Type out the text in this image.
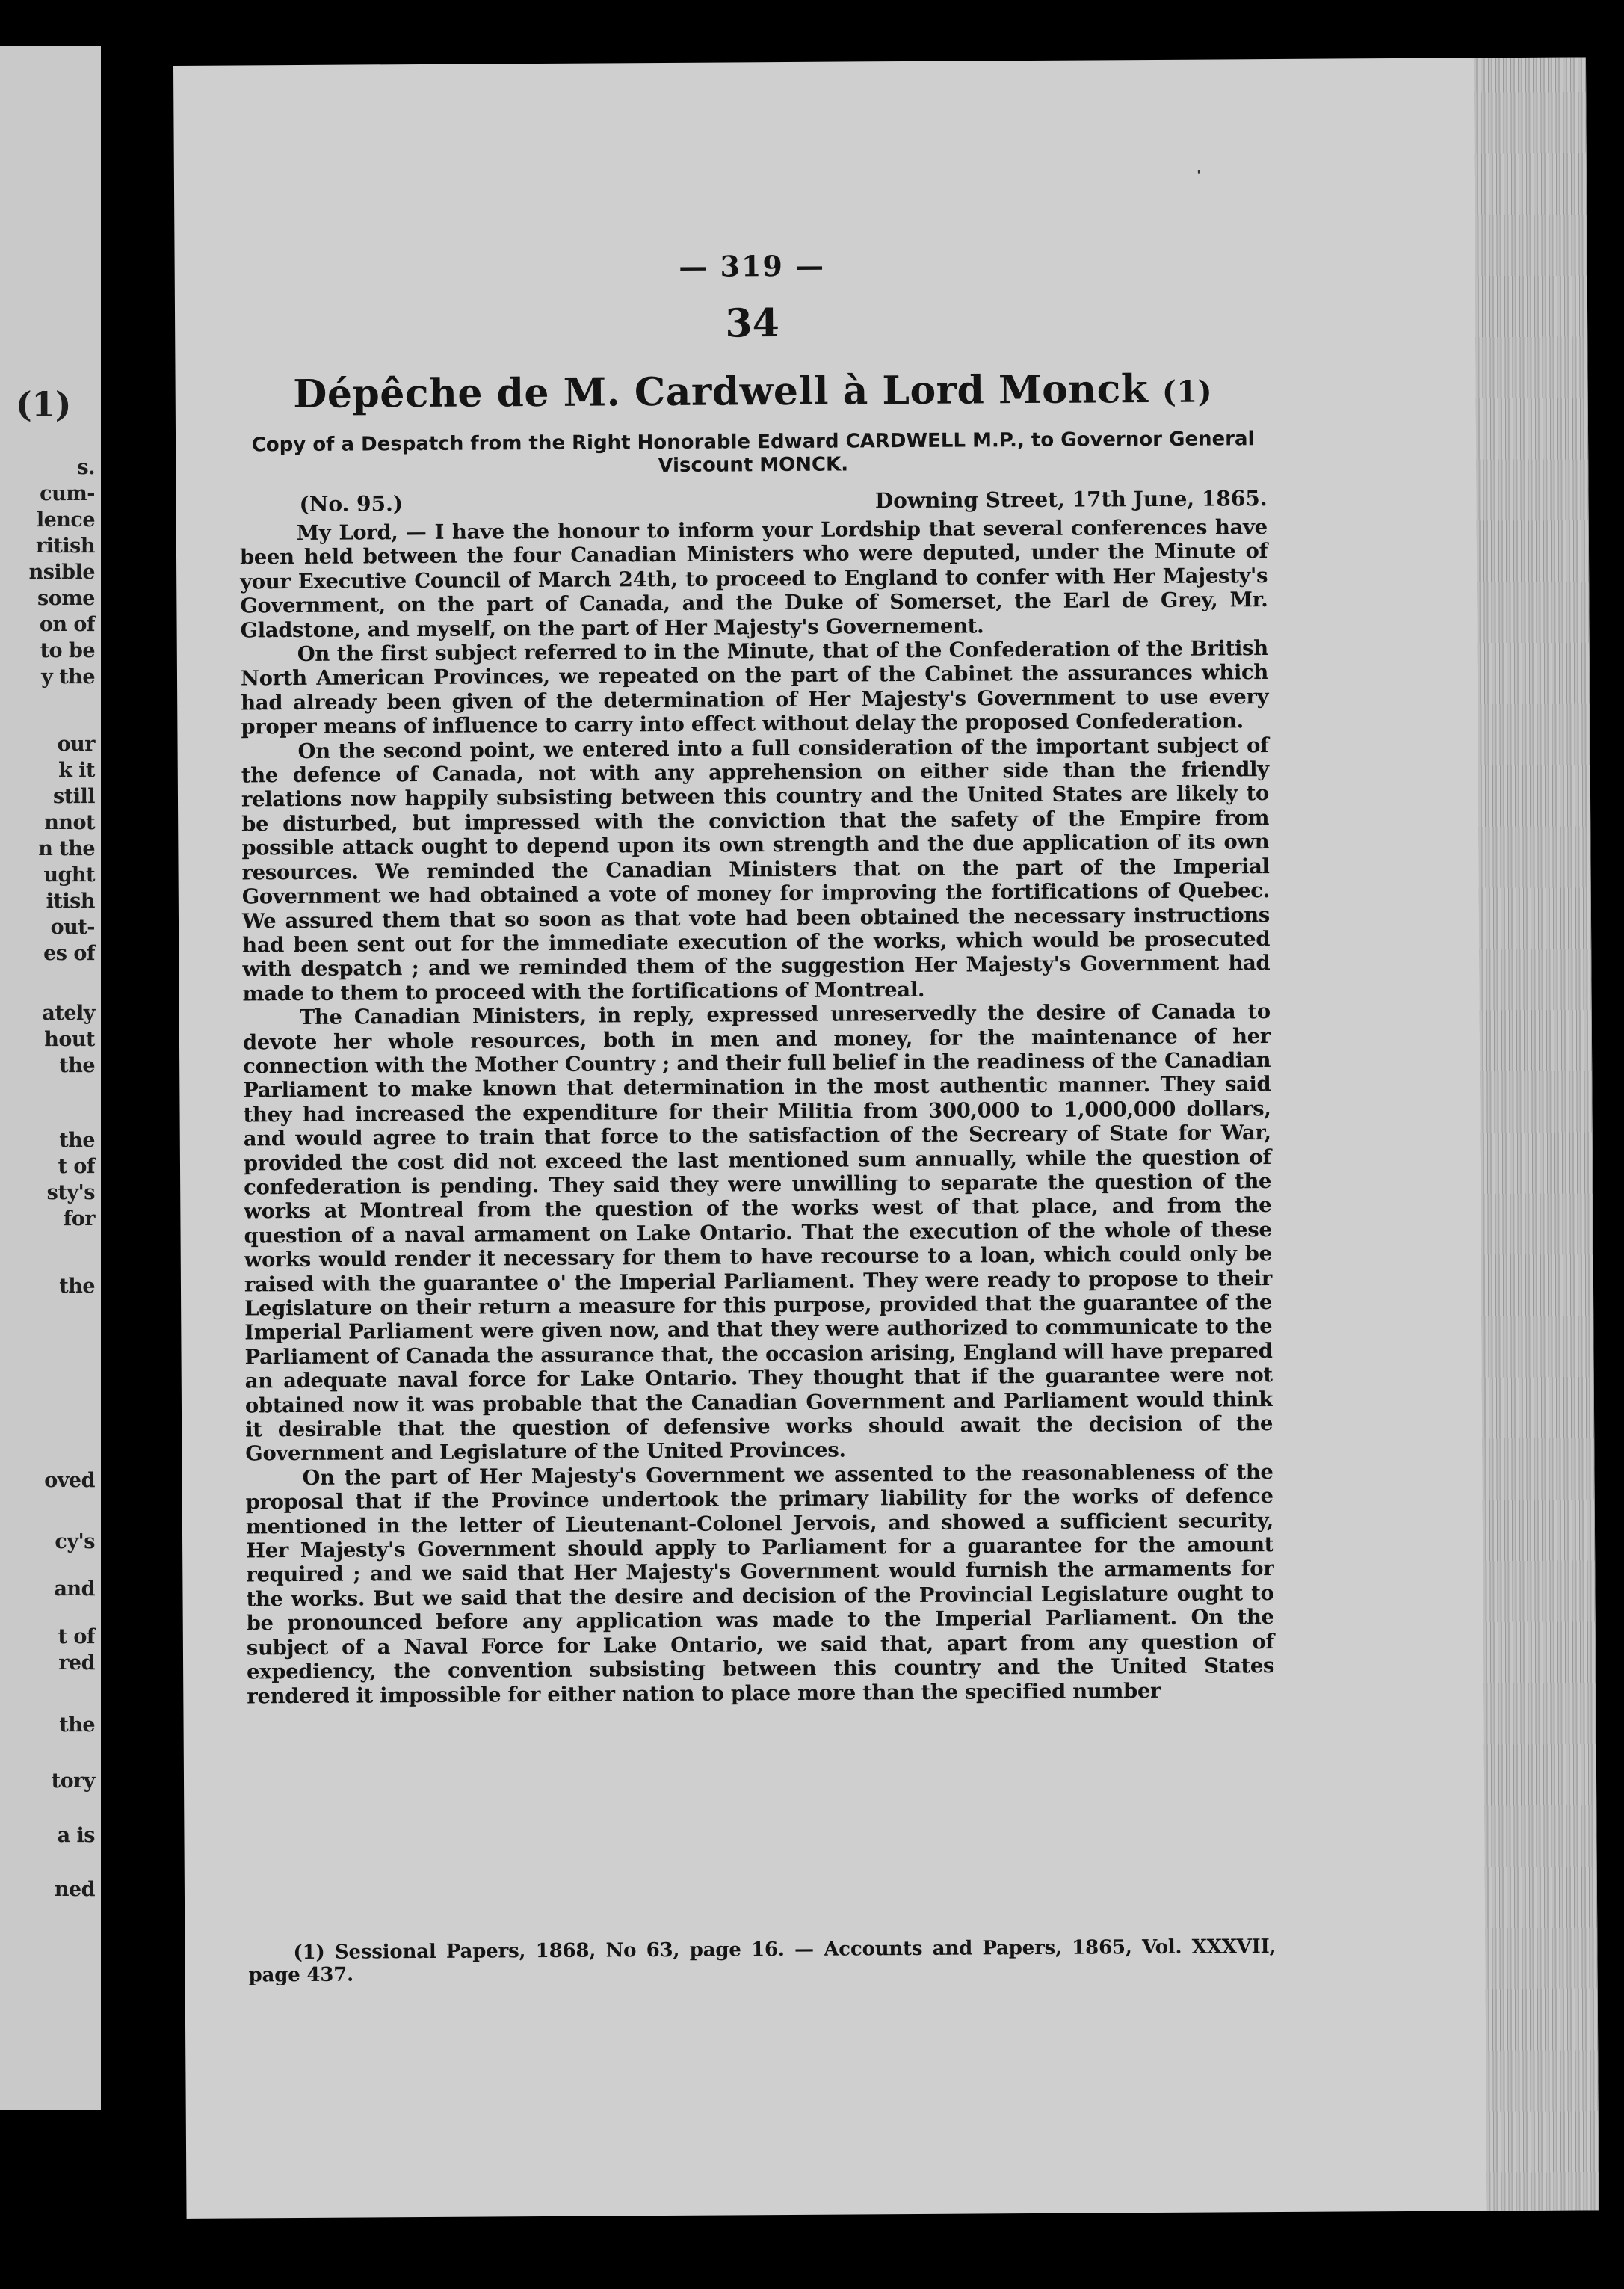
(1)
s.
cum-
lence
ritish
nsible
some
on of
to be
y the
our
k it
still
nnot
n the
ught
itish
out-
es of
ately
hout
the
the
t of
sty's
for
the
oved
cy's
and
t of
red
the
tory
a is
ned
— 319 —
34
Dépêche de M. Cardwell à Lord Monck (1)
Copy of a Despatch from the Right Honorable Edward CARDWELL M.P., to Governor General Viscount MONCK.
(No. 95.)	Downing Street, 17th June, 1865.

My Lord, — I have the honour to inform your Lordship that several conferences have been held between the four Canadian Ministers who were deputed, under the Minute of your Executive Council of March 24th, to proceed to England to confer with Her Majesty's Government, on the part of Canada, and the Duke of Somerset, the Earl de Grey, Mr. Gladstone, and myself, on the part of Her Majesty's Governement.

On the first subject referred to in the Minute, that of the Confederation of the British North American Provinces, we repeated on the part of the Cabinet the assurances which had already been given of the determination of Her Majesty's Government to use every proper means of influence to carry into effect without delay the proposed Confederation.

On the second point, we entered into a full consideration of the important subject of the defence of Canada, not with any apprehension on either side than the friendly relations now happily subsisting between this country and the United States are likely to be disturbed, but impressed with the conviction that the safety of the Empire from possible attack ought to depend upon its own strength and the due application of its own resources. We reminded the Canadian Ministers that on the part of the Imperial Government we had obtained a vote of money for improving the fortifications of Quebec. We assured them that so soon as that vote had been obtained the necessary instructions had been sent out for the immediate execution of the works, which would be prosecuted with despatch ; and we reminded them of the suggestion Her Majesty's Government had made to them to proceed with the fortifications of Montreal.

The Canadian Ministers, in reply, expressed unreservedly the desire of Canada to devote her whole resources, both in men and money, for the maintenance of her connection with the Mother Country ; and their full belief in the readiness of the Canadian Parliament to make known that determination in the most authentic manner. They said they had increased the expenditure for their Militia from 300,000 to 1,000,000 dollars, and would agree to train that force to the satisfaction of the Secreary of State for War, provided the cost did not exceed the last mentioned sum annually, while the question of confederation is pending. They said they were unwilling to separate the question of the works at Montreal from the question of the works west of that place, and from the question of a naval armament on Lake Ontario. That the execution of the whole of these works would render it necessary for them to have recourse to a loan, which could only be raised with the guarantee o' the Imperial Parliament. They were ready to propose to their Legislature on their return a measure for this purpose, provided that the guarantee of the Imperial Parliament were given now, and that they were authorized to communicate to the Parliament of Canada the assurance that, the occasion arising, England will have prepared an adequate naval force for Lake Ontario. They thought that if the guarantee were not obtained now it was probable that the Canadian Government and Parliament would think it desirable that the question of defensive works should await the decision of the Government and Legislature of the United Provinces.

On the part of Her Majesty's Government we assented to the reasonableness of the proposal that if the Province undertook the primary liability for the works of defence mentioned in the letter of Lieutenant-Colonel Jervois, and showed a sufficient security, Her Majesty's Government should apply to Parliament for a guarantee for the amount required ; and we said that Her Majesty's Government would furnish the armaments for the works. But we said that the desire and decision of the Provincial Legislature ought to be pronounced before any application was made to the Imperial Parliament. On the subject of a Naval Force for Lake Ontario, we said that, apart from any question of expediency, the convention subsisting between this country and the United States rendered it impossible for either nation to place more than the specified number

(1) Sessional Papers, 1868, No 63, page 16. — Accounts and Papers, 1865, Vol. XXXVII, page 437.
